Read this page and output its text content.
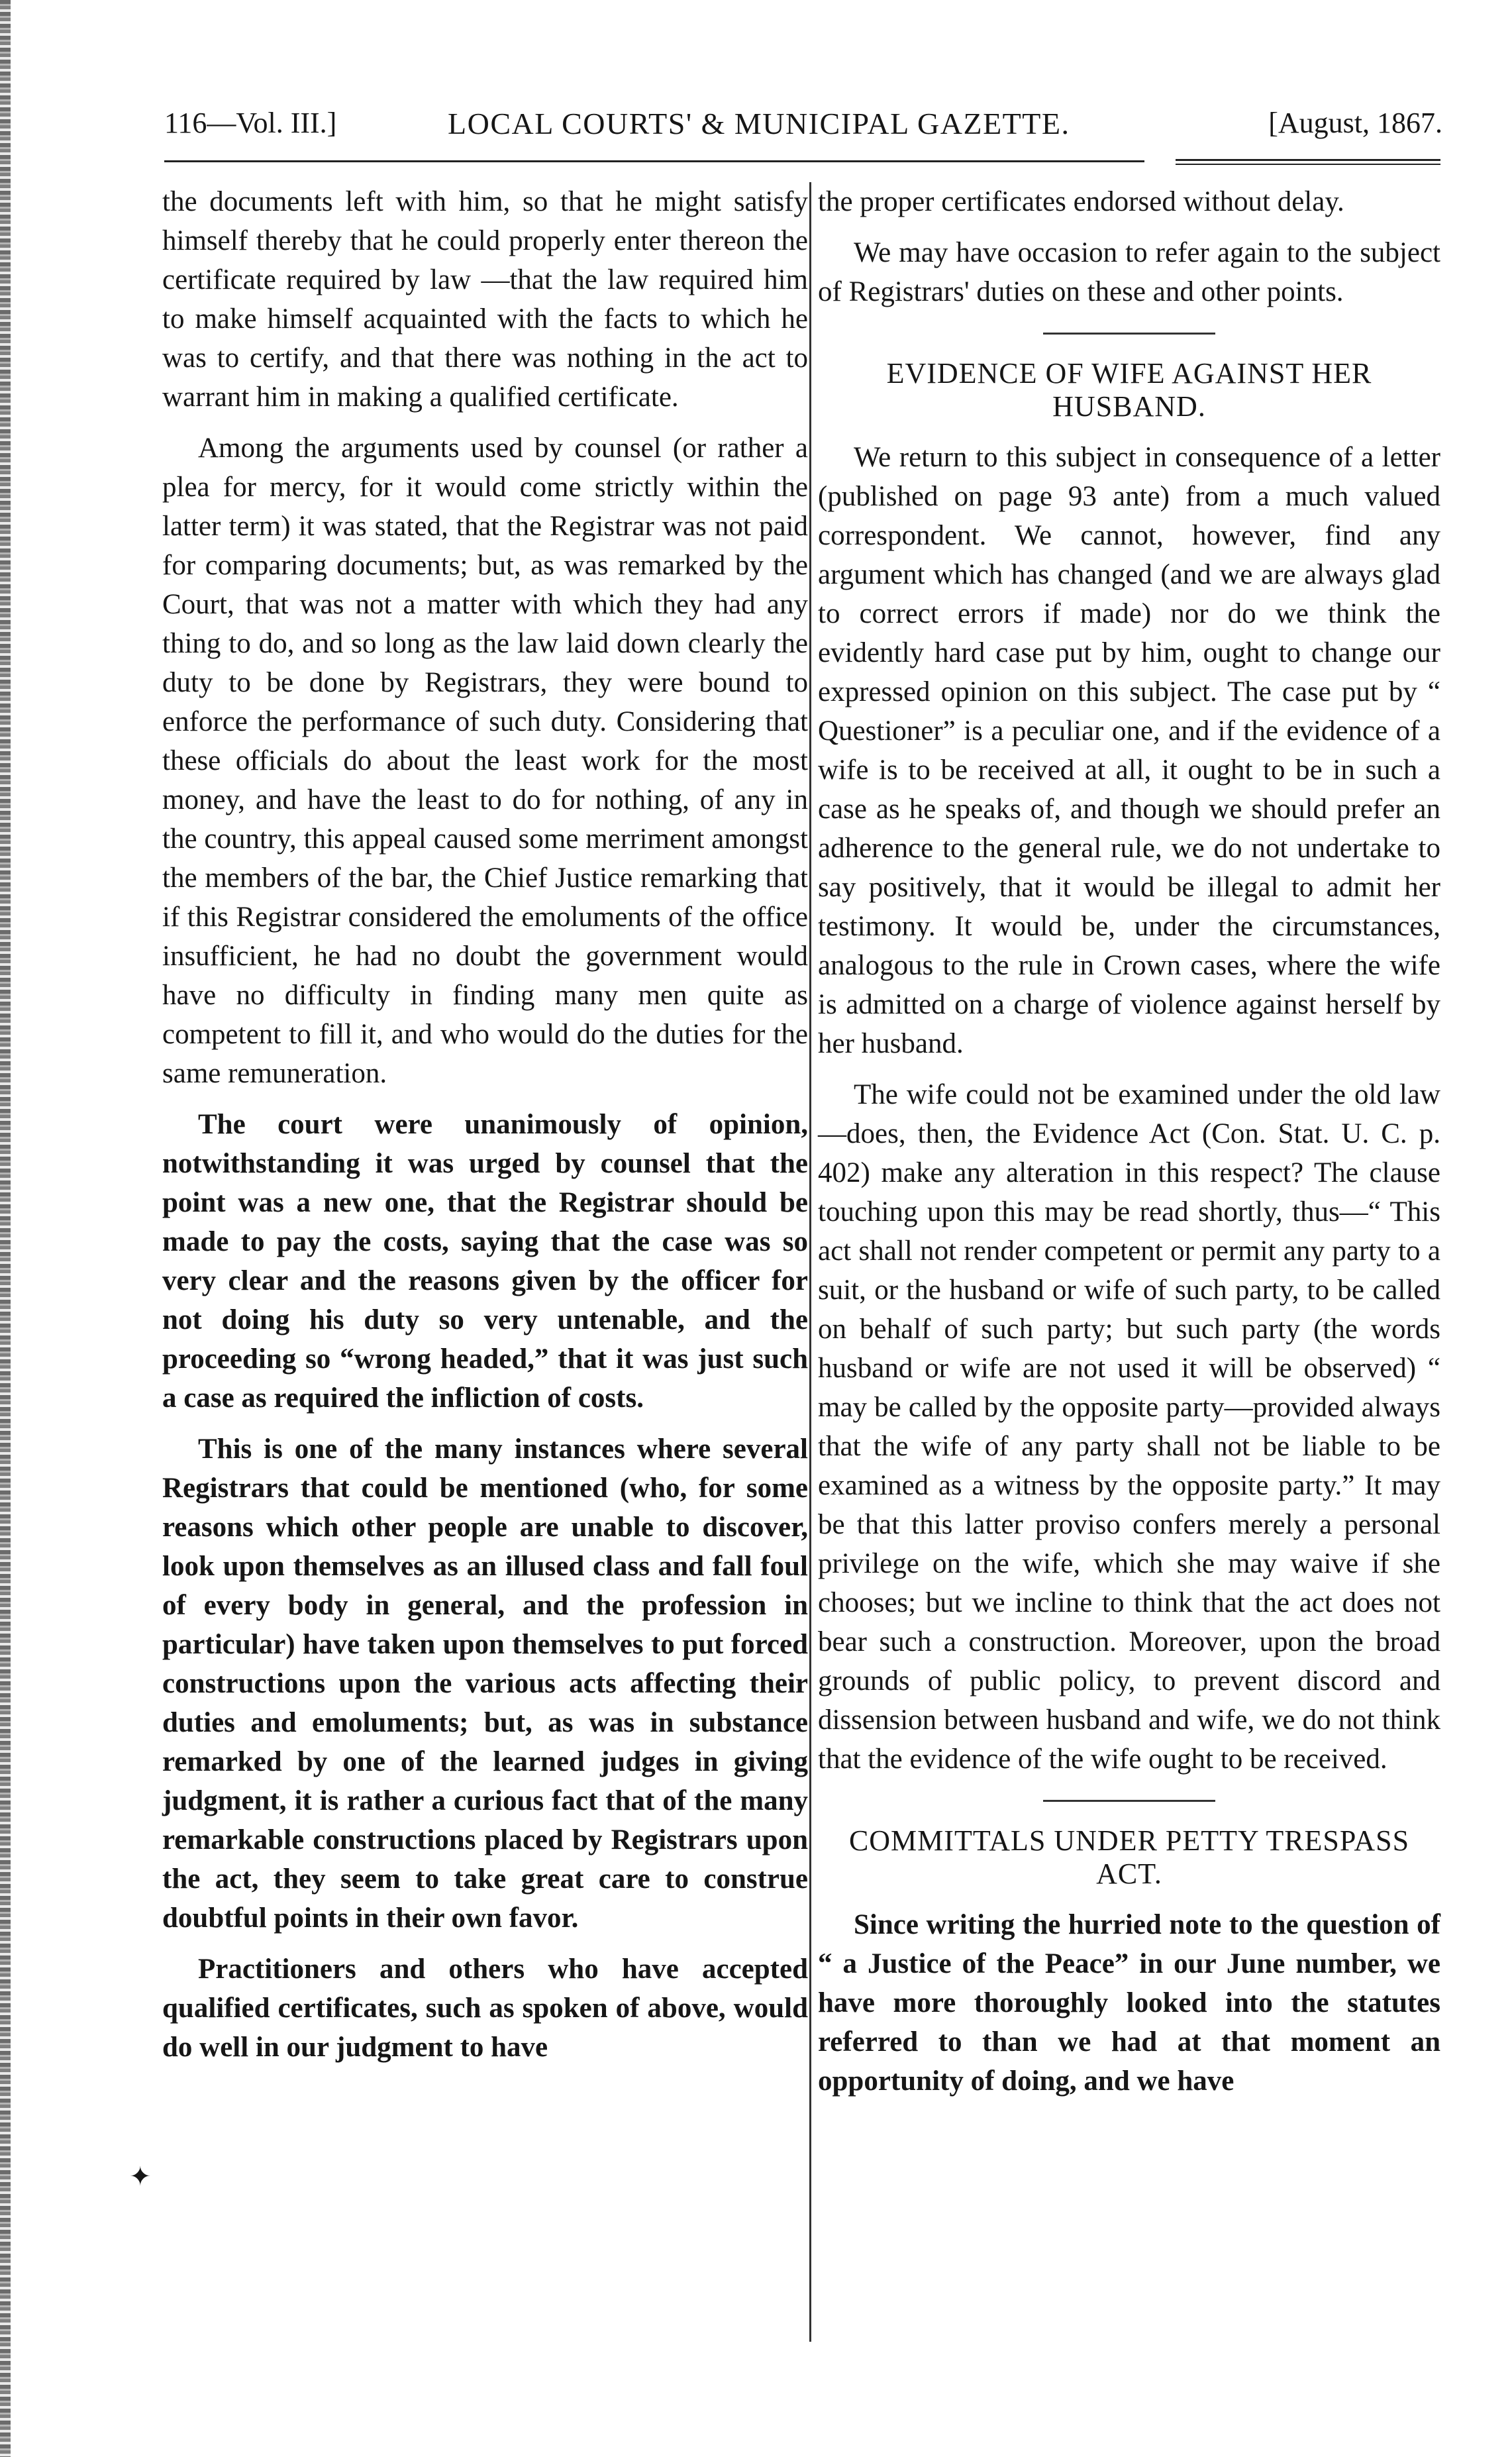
116—Vol. III.]	LOCAL COURTS' & MUNICIPAL GAZETTE.	[August, 1867.

the documents left with him, so that he might satisfy himself thereby that he could properly enter thereon the certificate required by law —that the law required him to make himself acquainted with the facts to which he was to certify, and that there was nothing in the act to warrant him in making a qualified certificate.

Among the arguments used by counsel (or rather a plea for mercy, for it would come strictly within the latter term) it was stated, that the Registrar was not paid for comparing documents; but, as was remarked by the Court, that was not a matter with which they had any thing to do, and so long as the law laid down clearly the duty to be done by Registrars, they were bound to enforce the performance of such duty. Considering that these officials do about the least work for the most money, and have the least to do for nothing, of any in the country, this appeal caused some merriment amongst the members of the bar, the Chief Justice remarking that if this Registrar considered the emoluments of the office insufficient, he had no doubt the government would have no difficulty in finding many men quite as competent to fill it, and who would do the duties for the same remuneration.

The court were unanimously of opinion, notwithstanding it was urged by counsel that the point was a new one, that the Registrar should be made to pay the costs, saying that the case was so very clear and the reasons given by the officer for not doing his duty so very untenable, and the proceeding so “wrong headed,” that it was just such a case as required the infliction of costs.

This is one of the many instances where several Registrars that could be mentioned (who, for some reasons which other people are unable to discover, look upon themselves as an illused class and fall foul of every body in general, and the profession in particular) have taken upon themselves to put forced constructions upon the various acts affecting their duties and emoluments; but, as was in substance remarked by one of the learned judges in giving judgment, it is rather a curious fact that of the many remarkable constructions placed by Registrars upon the act, they seem to take great care to construe doubtful points in their own favor.

Practitioners and others who have accepted qualified certificates, such as spoken of above, would do well in our judgment to have

✦

the proper certificates endorsed without delay.

We may have occasion to refer again to the subject of Registrars' duties on these and other points.

EVIDENCE OF WIFE AGAINST HER HUSBAND.

We return to this subject in consequence of a letter (published on page 93 ante) from a much valued correspondent. We cannot, however, find any argument which has changed (and we are always glad to correct errors if made) nor do we think the evidently hard case put by him, ought to change our expressed opinion on this subject. The case put by “ Questioner” is a peculiar one, and if the evidence of a wife is to be received at all, it ought to be in such a case as he speaks of, and though we should prefer an adherence to the general rule, we do not undertake to say positively, that it would be illegal to admit her testimony. It would be, under the circumstances, analogous to the rule in Crown cases, where the wife is admitted on a charge of violence against herself by her husband.

The wife could not be examined under the old law—does, then, the Evidence Act (Con. Stat. U. C. p. 402) make any alteration in this respect? The clause touching upon this may be read shortly, thus—“ This act shall not render competent or permit any party to a suit, or the husband or wife of such party, to be called on behalf of such party; but such party (the words husband or wife are not used it will be observed) “ may be called by the opposite party—provided always that the wife of any party shall not be liable to be examined as a witness by the opposite party.” It may be that this latter proviso confers merely a personal privilege on the wife, which she may waive if she chooses; but we incline to think that the act does not bear such a construction. Moreover, upon the broad grounds of public policy, to prevent discord and dissension between husband and wife, we do not think that the evidence of the wife ought to be received.

COMMITTALS UNDER PETTY TRESPASS ACT.

Since writing the hurried note to the question of “ a Justice of the Peace” in our June number, we have more thoroughly looked into the statutes referred to than we had at that moment an opportunity of doing, and we have
